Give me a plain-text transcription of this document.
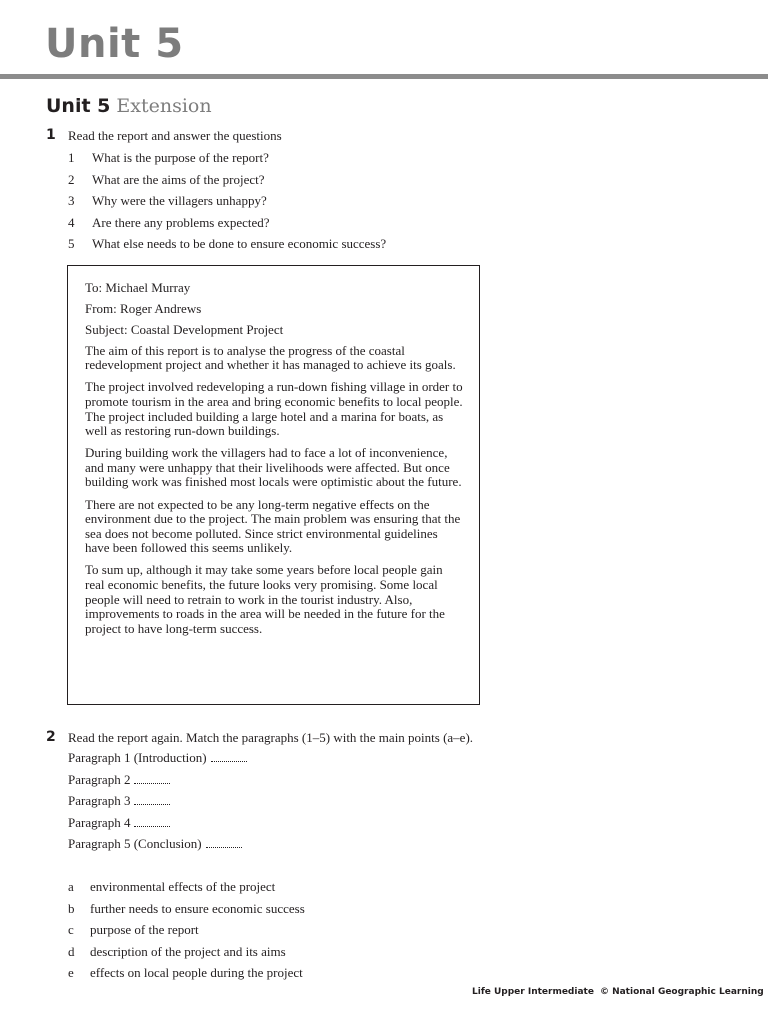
Unit 5
Unit 5 Extension
1 Read the report and answer the questions
1 What is the purpose of the report?
2 What are the aims of the project?
3 Why were the villagers unhappy?
4 Are there any problems expected?
5 What else needs to be done to ensure economic success?
To: Michael Murray
From: Roger Andrews
Subject: Coastal Development Project

The aim of this report is to analyse the progress of the coastal redevelopment project and whether it has managed to achieve its goals.

The project involved redeveloping a run-down fishing village in order to promote tourism in the area and bring economic benefits to local people. The project included building a large hotel and a marina for boats, as well as restoring run-down buildings.

During building work the villagers had to face a lot of inconvenience, and many were unhappy that their livelihoods were affected. But once building work was finished most locals were optimistic about the future.

There are not expected to be any long-term negative effects on the environment due to the project. The main problem was ensuring that the sea does not become polluted. Since strict environmental guidelines have been followed this seems unlikely.

To sum up, although it may take some years before local people gain real economic benefits, the future looks very promising. Some local people will need to retrain to work in the tourist industry. Also, improvements to roads in the area will be needed in the future for the project to have long-term success.

2 Read the report again. Match the paragraphs (1–5) with the main points (a–e).
Paragraph 1 (Introduction)
Paragraph 2
Paragraph 3
Paragraph 4
Paragraph 5 (Conclusion)
a environmental effects of the project
b further needs to ensure economic success
c purpose of the report
d description of the project and its aims
e effects on local people during the project
Life Upper Intermediate © National Geographic Learning
